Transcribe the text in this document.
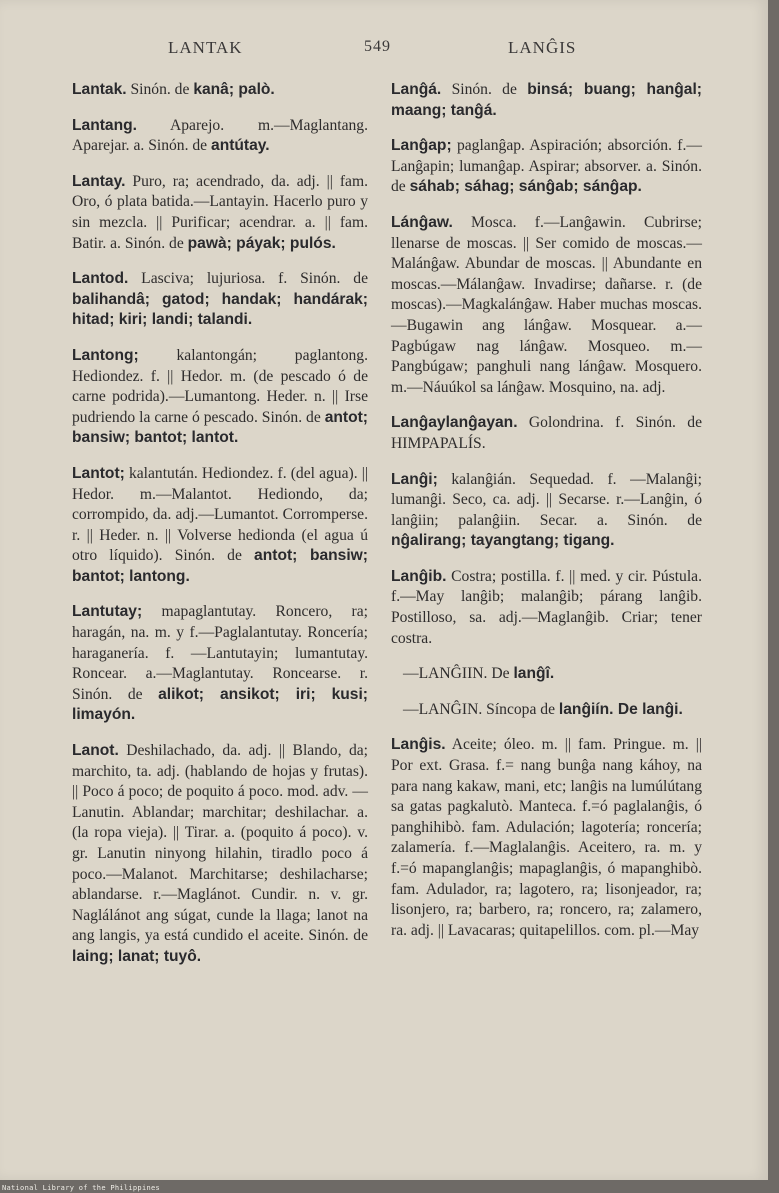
LANTAK	549	LANĜIS

Lantak. Sinón. de kanâ; palò.

Lantang. Aparejo. m.—Maglantang. Aparejar. a. Sinón. de antútay.

Lantay. Puro, ra; acendrado, da. adj. || fam. Oro, ó plata batida.—Lantayin. Hacerlo puro y sin mezcla. || Purificar; acendrar. a. || fam. Batir. a. Sinón. de pawà; páyak; pulós.

Lantod. Lasciva; lujuriosa. f. Sinón. de balihandâ; gatod; handak; handárak; hitad; kiri; landi; talandi.

Lantong; kalantongán; paglantong. Hediondez. f. || Hedor. m. (de pescado ó de carne podrida).—Lumantong. Heder. n. || Irse pudriendo la carne ó pescado. Sinón. de antot; bansiw; bantot; lantot.

Lantot; kalantután. Hediondez. f. (del agua). || Hedor. m.—Malantot. Hediondo, da; corrompido, da. adj.—Lumantot. Corromperse. r. || Heder. n. || Volverse hedionda (el agua ú otro líquido). Sinón. de antot; bansiw; bantot; lantong.

Lantutay; mapaglantutay. Roncero, ra; haragán, na. m. y f.—Paglalantutay. Roncería; haraganería. f. —Lantutayin; lumantutay. Roncear. a.—Maglantutay. Roncearse. r. Sinón. de alikot; ansikot; iri; kusi; limayón.

Lanot. Deshilachado, da. adj. || Blando, da; marchito, ta. adj. (hablando de hojas y frutas). || Poco á poco; de poquito á poco. mod. adv. —Lanutin. Ablandar; marchitar; deshilachar. a. (la ropa vieja). || Tirar. a. (poquito á poco). v. gr. Lanutin ninyong hilahin, tiradlo poco á poco.—Malanot. Marchitarse; deshilacharse; ablandarse. r.—Maglánot. Cundir. n. v. gr. Naglálánot ang súgat, cunde la llaga; lanot na ang langis, ya está cundido el aceite. Sinón. de laing; lanat; tuyô.

Lanĝá. Sinón. de binsá; buang; hanĝal; maang; tanĝá.

Lanĝap; paglanĝap. Aspiración; absorción. f.—Lanĝapin; lumanĝap. Aspirar; absorver. a. Sinón. de sáhab; sáhag; sánĝab; sánĝap.

Lánĝaw. Mosca. f.—Lanĝawin. Cubrirse; llenarse de moscas. || Ser comido de moscas.—Malánĝaw. Abundar de moscas. || Abundante en moscas.—Málanĝaw. Invadirse; dañarse. r. (de moscas).—Magkalánĝaw. Haber muchas moscas.—Bugawin ang lánĝaw. Mosquear. a.—Pagbúgaw nag lánĝaw. Mosqueo. m.—Pangbúgaw; panghuli nang lánĝaw. Mosquero. m.—Náuúkol sa lánĝaw. Mosquino, na. adj.

Lanĝaylanĝayan. Golondrina. f. Sinón. de HIMPAPALÍS.

Lanĝi; kalanĝián. Sequedad. f. —Malanĝi; lumanĝi. Seco, ca. adj. || Secarse. r.—Lanĝin, ó lanĝiin; palanĝiin. Secar. a. Sinón. de nĝalirang; tayangtang; tigang.

Lanĝib. Costra; postilla. f. || med. y cir. Pústula. f.—May lanĝib; malanĝib; párang lanĝib. Postilloso, sa. adj.—Maglanĝib. Criar; tener costra.

—LANĜIIN. De lanĝî.

—LANĜIN. Síncopa de lanĝiín. De lanĝi.

Lanĝis. Aceite; óleo. m. || fam. Pringue. m. || Por ext. Grasa. f.= nang bunĝa nang káhoy, na para nang kakaw, mani, etc; lanĝis na lumúlútang sa gatas pagkalutò. Manteca. f.=ó paglalanĝis, ó panghihibò. fam. Adulación; lagotería; roncería; zalamería. f.—Maglalanĝis. Aceitero, ra. m. y f.=ó mapanglanĝis; mapaglanĝis, ó mapanghibò. fam. Adulador, ra; lagotero, ra; lisonjeador, ra; lisonjero, ra; barbero, ra; roncero, ra; zalamero, ra. adj. || Lavacaras; quitapelillos. com. pl.—May

National Library of the Philippines
